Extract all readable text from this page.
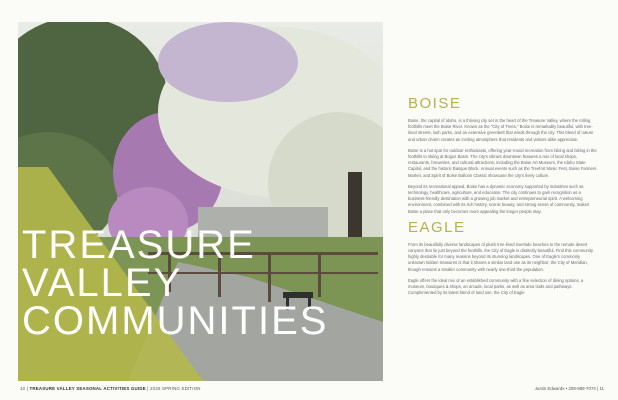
TREASURE
VALLEY
COMMUNITIES
BOISE

Boise, the capital of Idaho, is a thriving city set in the heart of the Treasure Valley, where the rolling foothills meet the Boise River. Known as the "City of Trees," Boise is remarkably beautiful, with tree-lined streets, lush parks, and an extensive greenbelt that winds through the city. This blend of nature and urban charm creates an inviting atmosphere that residents and visitors alike appreciate.

Boise is a hot spot for outdoor enthusiasts, offering year-round recreation from hiking and biking in the foothills to skiing at Bogus Basin. The city's vibrant downtown features a mix of local shops, restaurants, breweries, and cultural attractions, including the Boise Art Museum, the Idaho State Capitol, and the historic Basque Block. Annual events such as the Treefort Music Fest, Boise Farmers Market, and Spirit of Boise Balloon Classic showcase the city's lively culture.

Beyond its recreational appeal, Boise has a dynamic economy supported by industries such as technology, healthcare, agriculture, and education. The city continues to gain recognition as a business-friendly destination with a growing job market and entrepreneurial spirit. A welcoming environment, combined with its rich history, scenic beauty, and strong sense of community, makes Boise a place that only becomes more appealing the longer people stay.

EAGLE

From its beautifully diverse landscapes of plush tree-lined riverside beaches to the remote desert canyons that lie just beyond the foothills, the City of Eagle is distinctly beautiful. Find this community highly desirable for many reasons beyond its stunning landscapes. One of Eagle's commonly unknown hidden treasures is that it shares a similar land use as its neighbor, the City of Meridian, though remains a smaller community with nearly one-third the population.

Eagle offers the ideal mix of an established community with a fine selection of dining options, a museum, boutiques & shops, an arcade, local parks, as well as area trails and pathways. Complemented by its latest blend of land use, the City of Eagle

10 | TREASURE VALLEY SEASONAL ACTIVITIES GUIDE | 2025 SPRING EDITION	Justin Edwards • 208-989-7074 | 11
